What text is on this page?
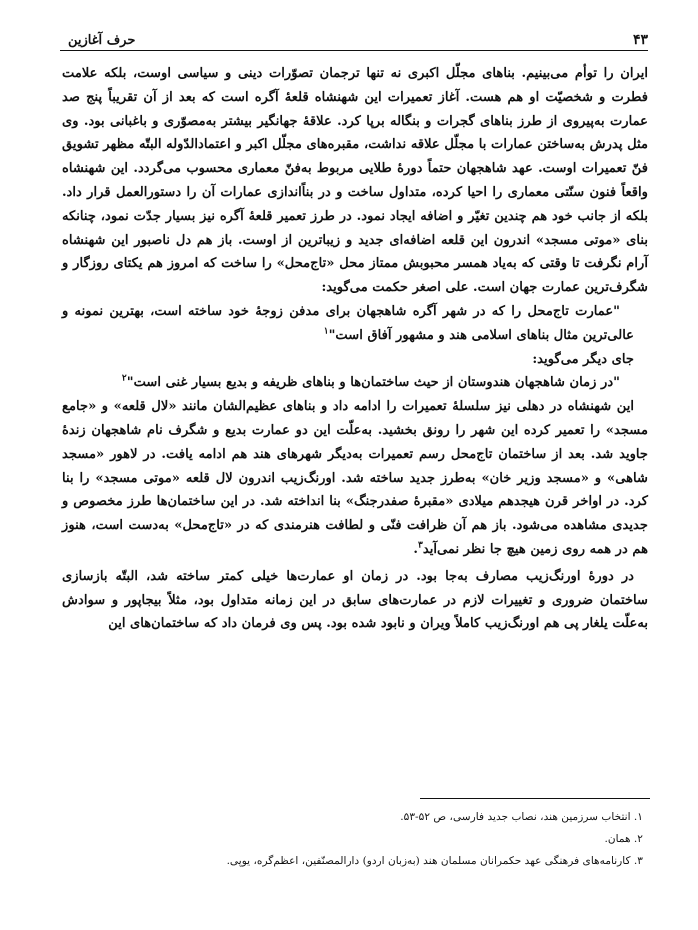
۴۳
حرف آغازین

ایران را توأم می‌بینیم. بناهای مجلّل اکبری نه تنها ترجمان تصوّرات دینی و سیاسی اوست، بلکه علامت فطرت و شخصیّت او هم هست. آغاز تعمیرات این شهنشاه قلعهٔ آگره است که بعد از آن تقریباً پنج صد عمارت به‌پیروی از طرز بناهای گجرات و بنگاله برپا کرد. علاقهٔ جهانگیر بیشتر به‌مصوّری و باغبانی بود. وی مثل پدرش به‌ساختن عمارات با مجلّل علاقه نداشت، مقبره‌های مجلّل اکبر و اعتمادالدّوله البتّه مظهر تشویق فنّ تعمیرات اوست. عهد شاهجهان حتماً دورهٔ طلایی مربوط به‌فنّ معماری محسوب می‌گردد. این شهنشاه واقعاً فنون سنّتی معماری را احیا کرده، متداول ساخت و در بناًاندازی عمارات آن را دستورالعمل قرار داد. بلکه از جانب خود هم چندین تغیّر و اضافه ایجاد نمود. در طرز تعمیر قلعهٔ آگره نیز بسیار جدّت نمود، چنانکه بنای «موتی مسجد» اندرون این قلعه اضافه‌ای جدید و زیباترین از اوست. باز هم دل ناصبور این شهنشاه آرام نگرفت تا وقتی که به‌یاد همسر محبوبش ممتاز محل «تاج‌محل» را ساخت که امروز هم یکتای روزگار و شگرف‌ترین عمارت جهان است. علی اصغر حکمت می‌گوید:

"عمارت تاج‌محل را که در شهر آگره شاهجهان برای مدفن زوجهٔ خود ساخته است، بهترین نمونه و عالی‌ترین مثال بناهای اسلامی هند و مشهور آفاق است"$^۱$

جای دیگر می‌گوید:

"در زمان شاهجهان هندوستان از حیث ساختمان‌ها و بناهای ظریفه و بدیع بسیار غنی است"$^۲$

این شهنشاه در دهلی نیز سلسلهٔ تعمیرات را ادامه داد و بناهای عظیم‌الشان مانند «لال قلعه» و «جامع مسجد» را تعمیر کرده این شهر را رونق بخشید. به‌علّت این دو عمارت بدیع و شگرف نام شاهجهان زندهٔ جاوید شد. بعد از ساختمان تاج‌محل رسم تعمیرات به‌دیگر شهرهای هند هم ادامه یافت. در لاهور «مسجد شاهی» و «مسجد وزیر خان» به‌طرز جدید ساخته شد. اورنگ‌زیب اندرون لال قلعه «موتی مسجد» را بنا کرد. در اواخر قرن هیجدهم میلادی «مقبرهٔ صفدرجنگ» بنا انداخته شد. در این ساختمان‌ها طرز مخصوص و جدیدی مشاهده می‌شود. باز هم آن ظرافت فنّی و لطافت هنرمندی که در «تاج‌محل» به‌دست است، هنوز هم در همه روی زمین هیچ جا نظر نمی‌آید$^۳$.

در دورهٔ اورنگ‌زیب مصارف به‌جا بود. در زمان او عمارت‌ها خیلی کمتر ساخته شد، البتّه بازسازی ساختمان ضروری و تغییرات لازم در عمارت‌های سابق در این زمانه متداول بود، مثلاً بیجاپور و سوادش به‌علّت یلغار پی هم اورنگ‌زیب کاملاً ویران و نابود شده بود. پس وی فرمان داد که ساختمان‌های این

۱. انتخاب سرزمین هند، نصاب جدید فارسی، ص ۵۲-۵۳.
۲. همان.
۳. کارنامه‌های فرهنگی عهد حکمرانان مسلمان هند (به‌زبان اردو) دارالمصنّفین، اعظم‌گره، یوپی.
